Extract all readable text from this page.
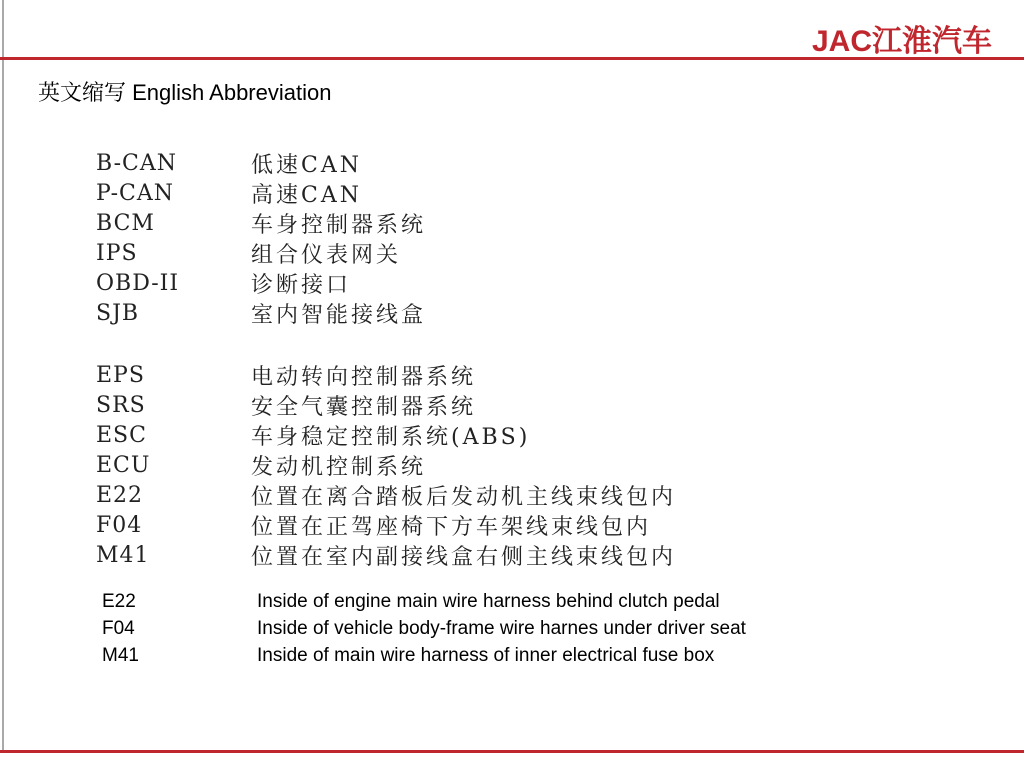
JAC江淮汽车
英文缩写 English Abbreviation
B-CAN	低速CAN
P-CAN	高速CAN
BCM	车身控制器系统
IPS	组合仪表网关
OBD-II	诊断接口
SJB	室内智能接线盒
EPS	电动转向控制器系统
SRS	安全气囊控制器系统
ESC	车身稳定控制系统(ABS)
ECU	发动机控制系统
E22	位置在离合踏板后发动机主线束线包内
F04	位置在正驾座椅下方车架线束线包内
M41	位置在室内副接线盒右侧主线束线包内
E22	Inside of engine main wire harness behind clutch pedal
F04	Inside of vehicle body-frame wire harnes under driver seat
M41	Inside of main wire harness of inner electrical fuse box
